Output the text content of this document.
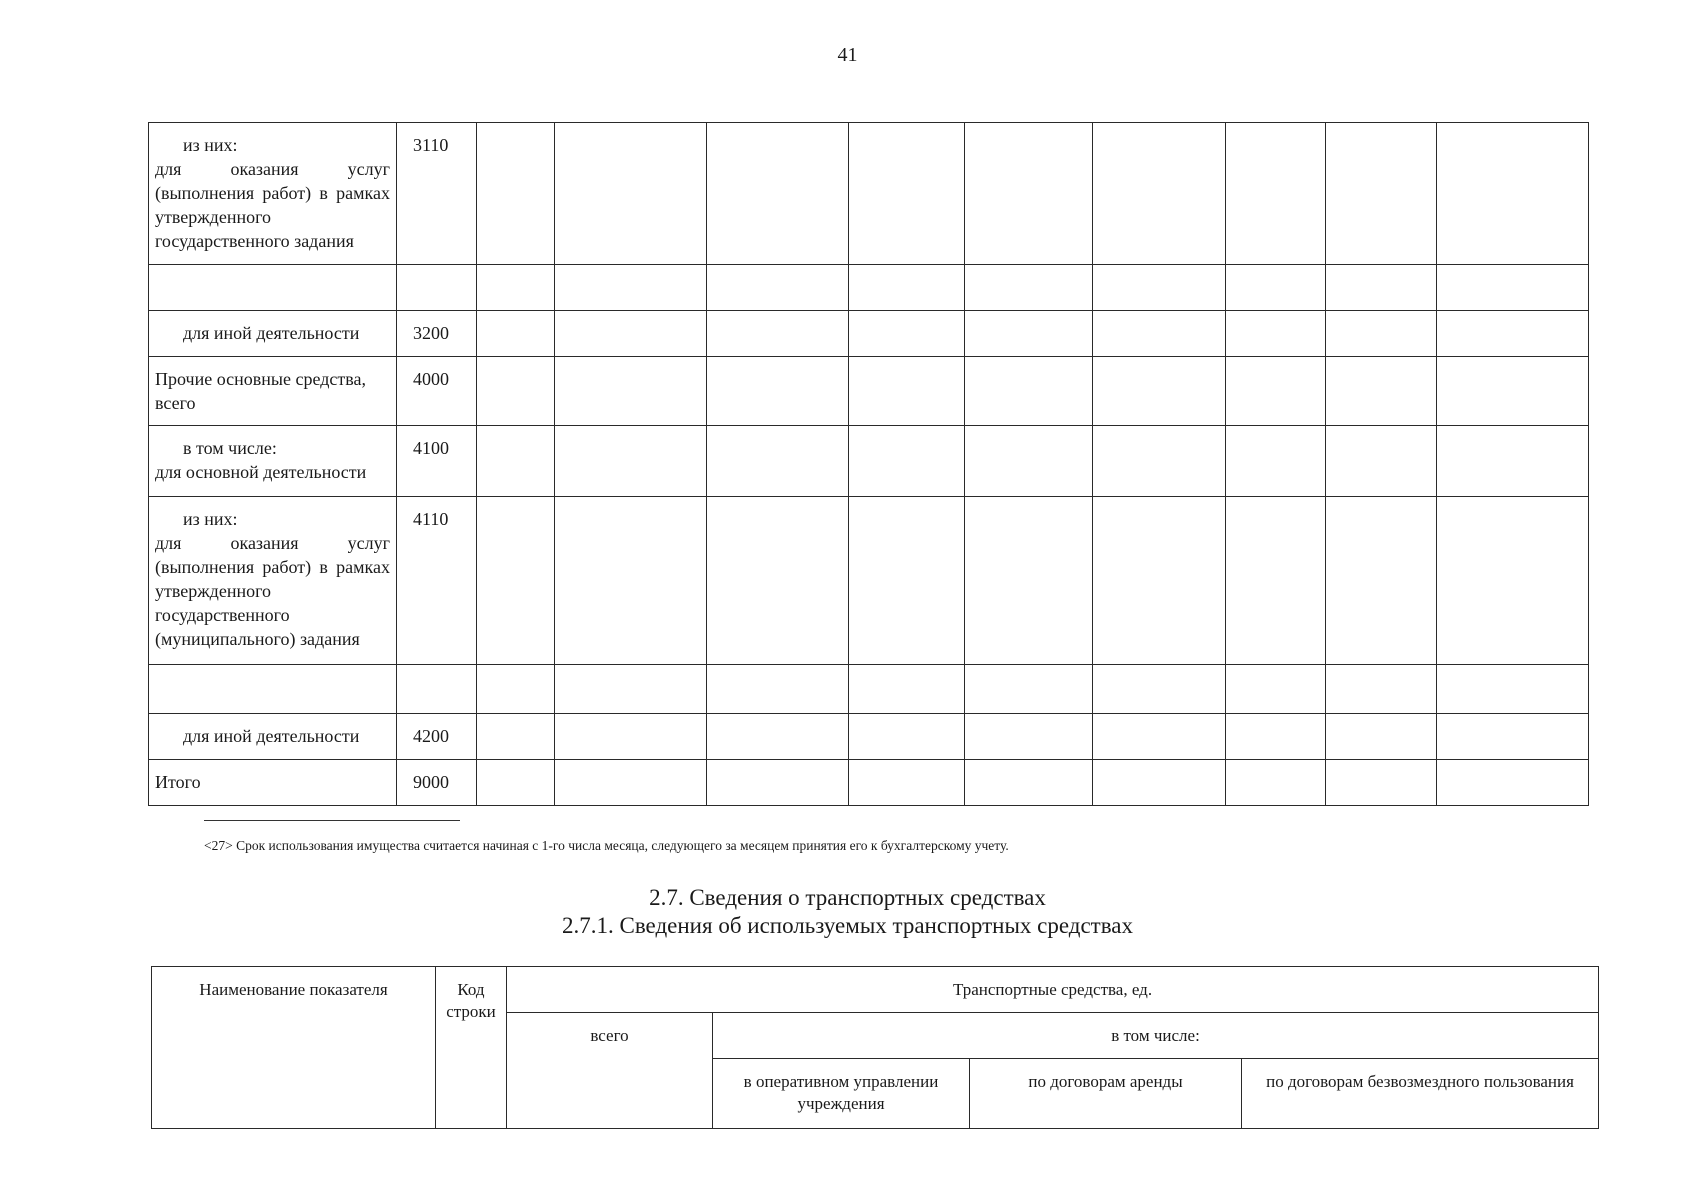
41
из них:
для оказания услуг (выполнения работ) в рамках утвержденного государственного задания	3110									

для иной деятельности	3200									

Прочие основные средства, всего	4000									

в том числе:
для основной деятельности	4100									

из них:
для оказания услуг (выполнения работ) в рамках утвержденного государственного (муниципального) задания	4110									

для иной деятельности	4200									

Итого	9000									
<27> Срок использования имущества считается начиная с 1-го числа месяца, следующего за месяцем принятия его к бухгалтерскому учету.
2.7. Сведения о транспортных средствах
2.7.1. Сведения об используемых транспортных средствах
Наименование показателя	Код строки	Транспортные средства, ед.			
		всего	в том числе:		
			в оперативном управлении учреждения	по договорам аренды	по договорам безвозмездного пользования
